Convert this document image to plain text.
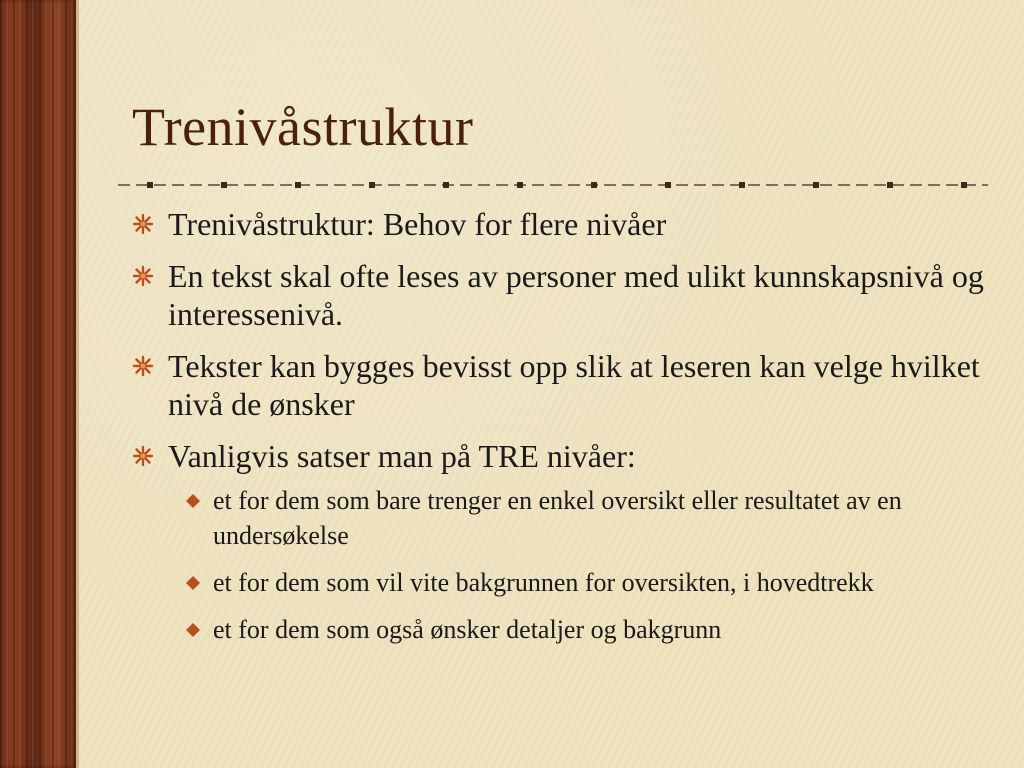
Trenivåstruktur
Trenivåstruktur: Behov for flere nivåer
En tekst skal ofte leses av personer med ulikt kunnskapsnivå og interessenivå.
Tekster kan bygges bevisst opp slik at leseren kan velge hvilket nivå de ønsker
Vanligvis satser man på TRE nivåer:
et for dem som bare trenger en enkel oversikt eller resultatet av en undersøkelse
et for dem som vil vite bakgrunnen for oversikten, i hovedtrekk
et for dem som også ønsker detaljer og bakgrunn
